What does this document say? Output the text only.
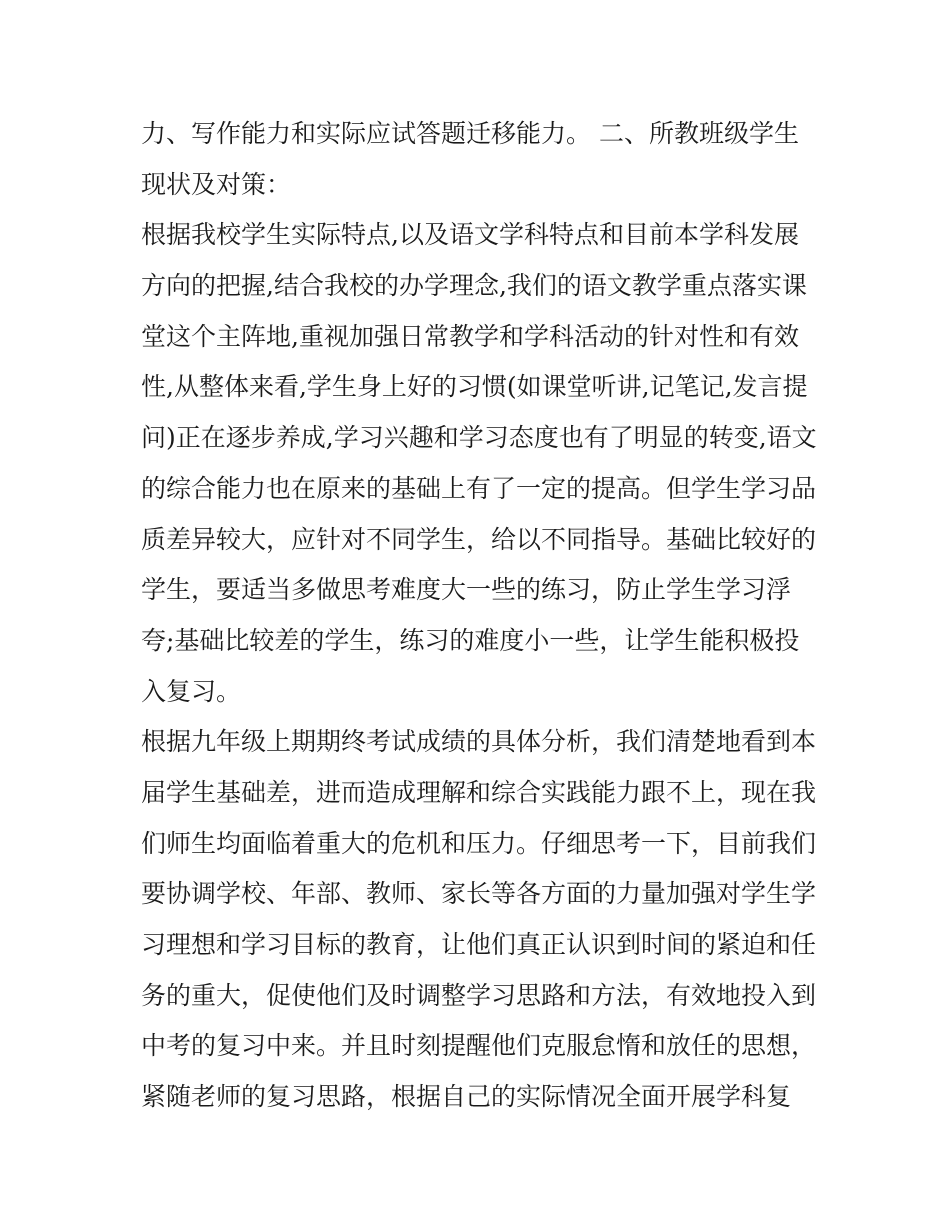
力、写作能力和实际应试答题迁移能力。 二、所教班级学生
现状及对策：
根据我校学生实际特点,以及语文学科特点和目前本学科发展
方向的把握,结合我校的办学理念,我们的语文教学重点落实课
堂这个主阵地,重视加强日常教学和学科活动的针对性和有效
性,从整体来看,学生身上好的习惯(如课堂听讲,记笔记,发言提
问)正在逐步养成,学习兴趣和学习态度也有了明显的转变,语文
的综合能力也在原来的基础上有了一定的提高。但学生学习品
质差异较大，应针对不同学生，给以不同指导。基础比较好的
学生，要适当多做思考难度大一些的练习，防止学生学习浮
夸;基础比较差的学生，练习的难度小一些，让学生能积极投
入复习。
根据九年级上期期终考试成绩的具体分析，我们清楚地看到本
届学生基础差，进而造成理解和综合实践能力跟不上，现在我
们师生均面临着重大的危机和压力。仔细思考一下，目前我们
要协调学校、年部、教师、家长等各方面的力量加强对学生学
习理想和学习目标的教育，让他们真正认识到时间的紧迫和任
务的重大，促使他们及时调整学习思路和方法，有效地投入到
中考的复习中来。并且时刻提醒他们克服怠惰和放任的思想，
紧随老师的复习思路，根据自己的实际情况全面开展学科复
